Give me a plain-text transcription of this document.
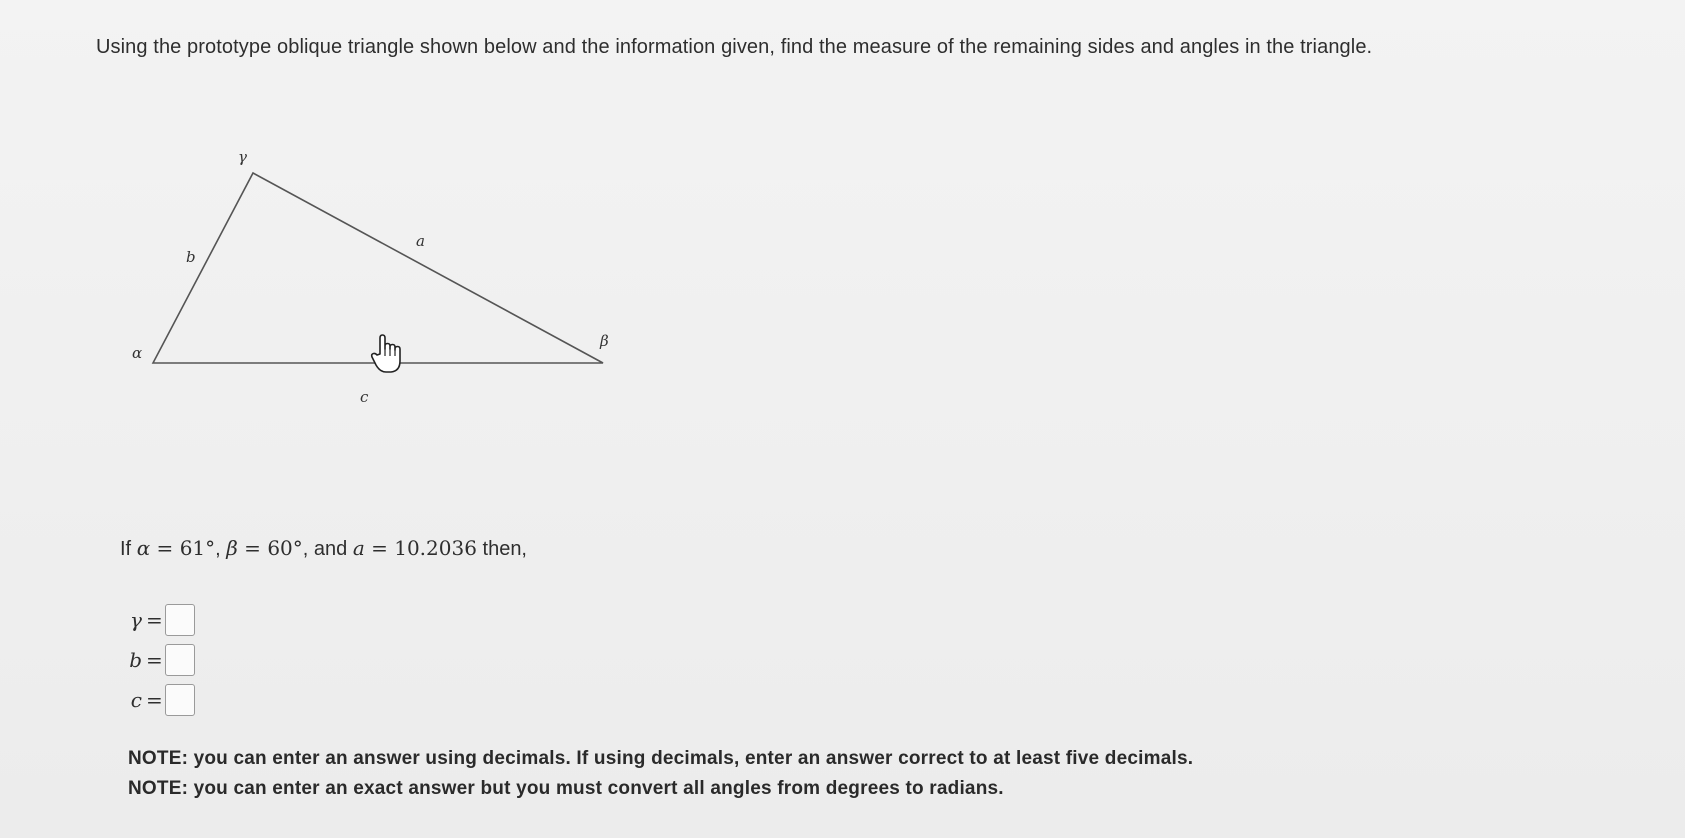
Using the prototype oblique triangle shown below and the information given, find the measure of the remaining sides and angles in the triangle.
γ
b
a
α
β
c
If α = 61°, β = 60°, and a = 10.2036 then,
γ =
b =
c =
NOTE: you can enter an answer using decimals. If using decimals, enter an answer correct to at least five decimals.
NOTE: you can enter an exact answer but you must convert all angles from degrees to radians.
